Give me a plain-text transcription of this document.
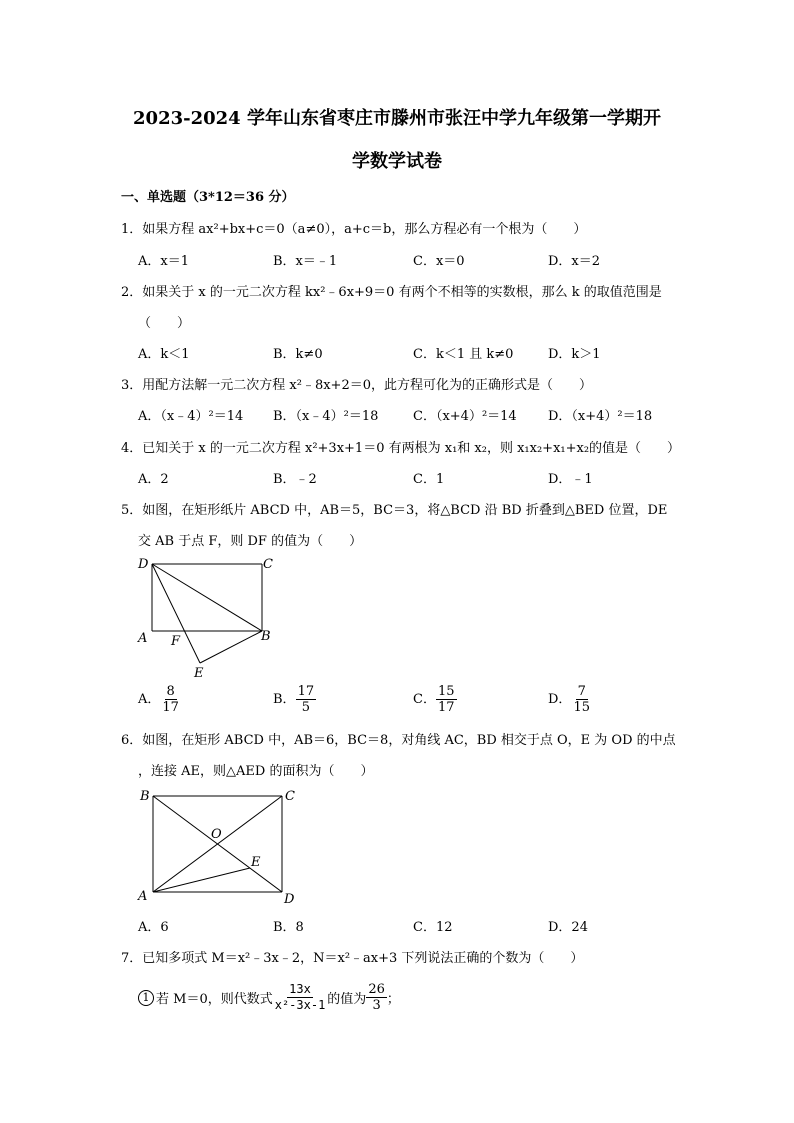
2023-2024 学年山东省枣庄市滕州市张汪中学九年级第一学期开
学数学试卷
一、单选题（3*12＝36 分）
1．如果方程 ax²+bx+c＝0（a≠0），a+c＝b，那么方程必有一个根为（　　）
A．x＝1	B．x＝﹣1	C．x＝0	D．x＝2
2．如果关于 x 的一元二次方程 kx²﹣6x+9＝0 有两个不相等的实数根，那么 k 的取值范围是
（　　）
A．k＜1	B．k≠0	C．k＜1 且 k≠0	D．k＞1
3．用配方法解一元二次方程 x²﹣8x+2＝0，此方程可化为的正确形式是（　　）
A．（x﹣4）²＝14 B．（x﹣4）²＝18	C．（x+4）²＝14 D．（x+4）²＝18
4．已知关于 x 的一元二次方程 x²+3x+1＝0 有两根为 x₁和 x₂，则 x₁x₂+x₁+x₂的值是（　　）
A．2	B．﹣2	C．1	D．﹣1
5．如图，在矩形纸片 ABCD 中，AB＝5，BC＝3，将△BCD 沿 BD 折叠到△BED 位置，DE
交 AB 于点 F，则 DF 的值为（　　）
D	C
A F	B
E
A． $\frac{8}{17}$	B． $\frac{17}{5}$	C． $\frac{15}{17}$	D． $\frac{7}{15}$
6．如图，在矩形 ABCD 中，AB＝6，BC＝8，对角线 AC，BD 相交于点 O，E 为 OD 的中点
，连接 AE，则△AED 的面积为（　　）
B	C
O
E
A	D
A．6	B．8	C．12	D．24
7．已知多项式 M＝x²﹣3x﹣2，N＝x²﹣ax+3 下列说法正确的个数为（　　）
1 若 M＝0，则代数式 $\frac{13x}{\text{x²-3x-1}}$ 的值为 $\frac{26}{3}$ ；
